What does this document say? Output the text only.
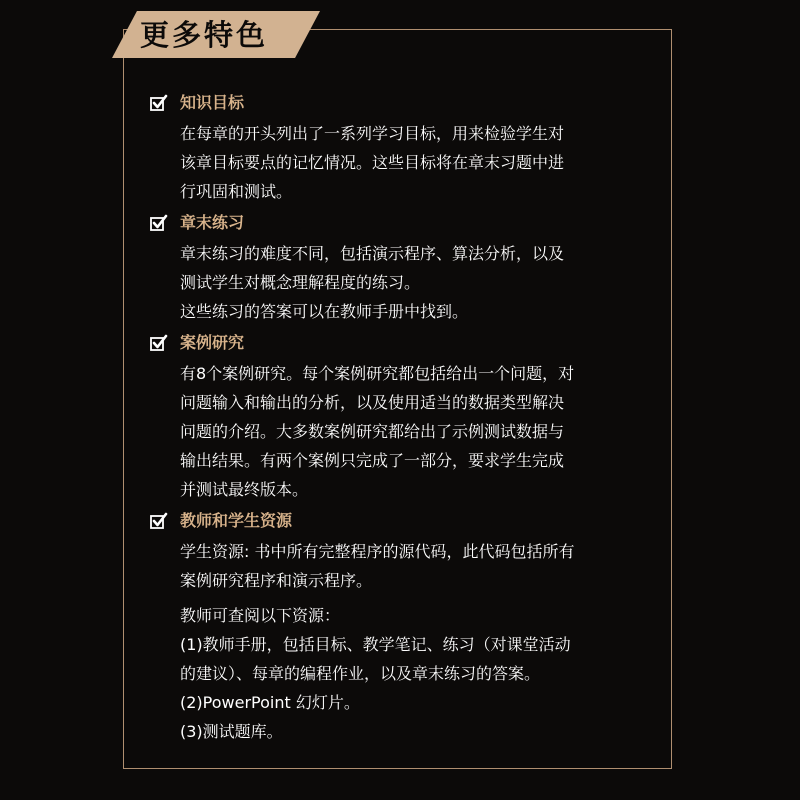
更多特色
知识目标
在每章的开头列出了一系列学习目标，用来检验学生对
该章目标要点的记忆情况。这些目标将在章末习题中进
行巩固和测试。
章末练习
章末练习的难度不同，包括演示程序、算法分析，以及
测试学生对概念理解程度的练习。
这些练习的答案可以在教师手册中找到。
案例研究
有8个案例研究。每个案例研究都包括给出一个问题，对
问题输入和输出的分析，以及使用适当的数据类型解决
问题的介绍。大多数案例研究都给出了示例测试数据与
输出结果。有两个案例只完成了一部分，要求学生完成
并测试最终版本。
教师和学生资源
学生资源: 书中所有完整程序的源代码，此代码包括所有
案例研究程序和演示程序。
教师可查阅以下资源：
(1)教师手册，包括目标、教学笔记、练习（对课堂活动
的建议）、每章的编程作业，以及章末练习的答案。
(2)PowerPoint 幻灯片。
(3)测试题库。
